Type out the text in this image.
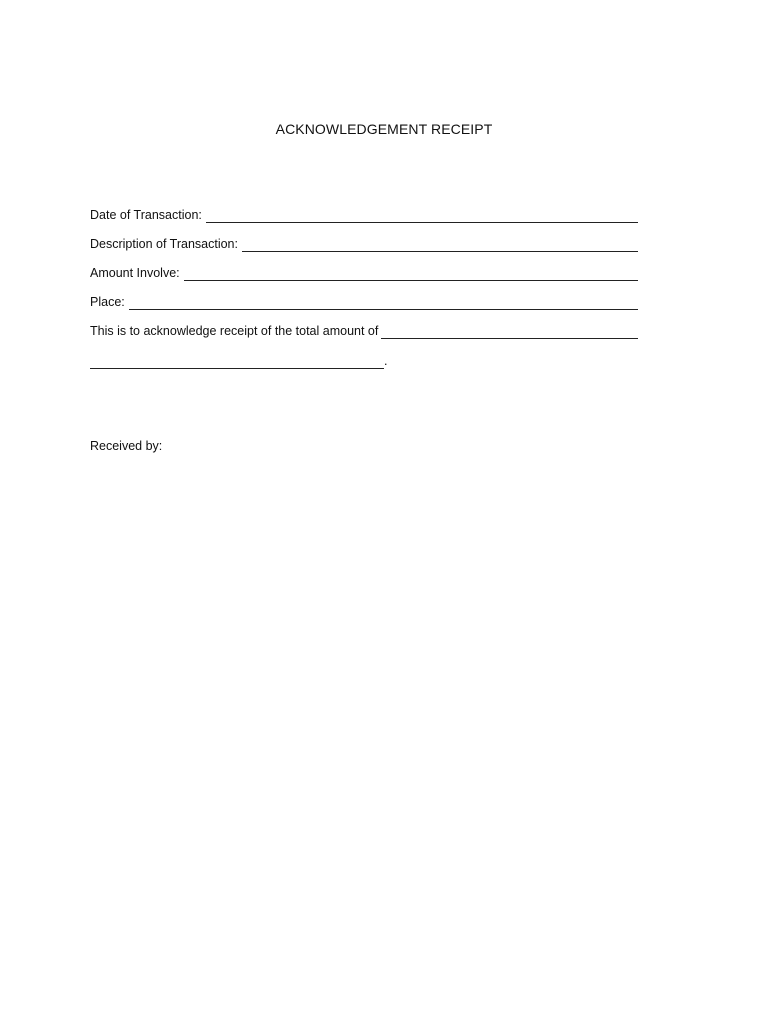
ACKNOWLEDGEMENT RECEIPT
Date of Transaction:
Description of Transaction:
Amount Involve:
Place:
This is to acknowledge receipt of the total amount of
.
Received by:
